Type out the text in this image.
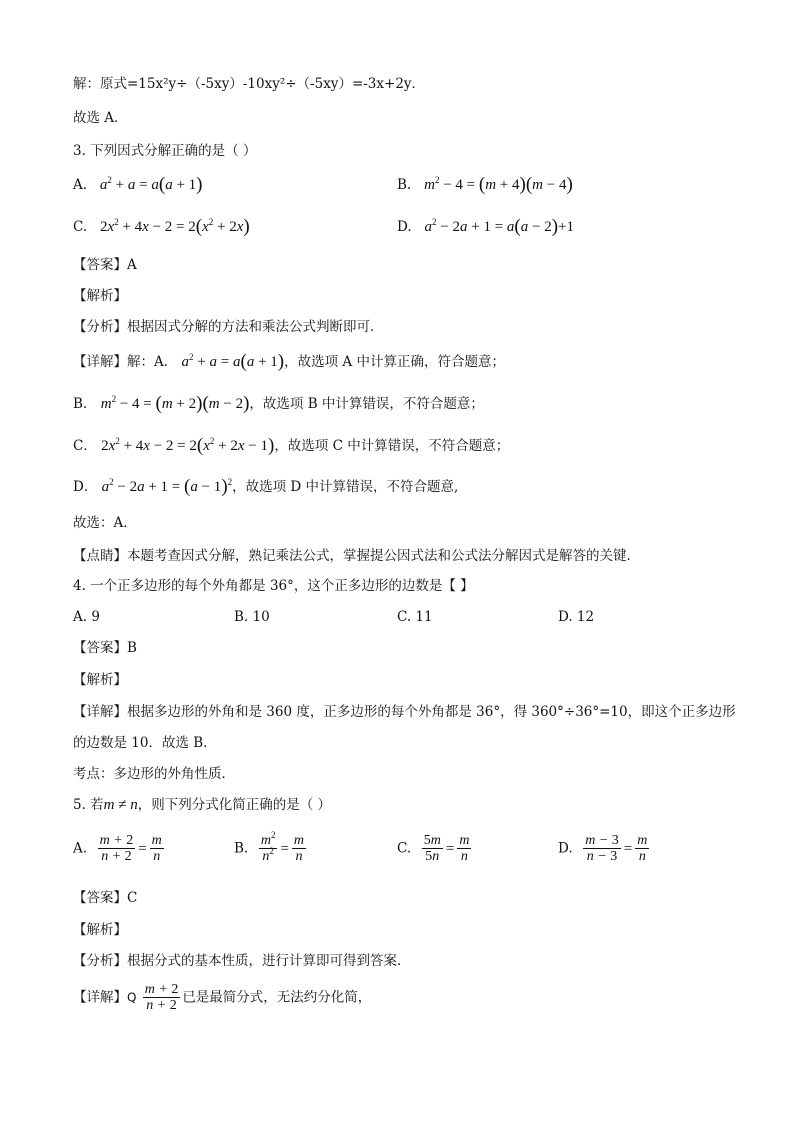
解：原式=15x²y÷（-5xy）-10xy²÷（-5xy）=-3x+2y．
故选 A．
3. 下列因式分解正确的是（ ）
A. $a^2 + a = a(a + 1)$	B. $m^2 - 4 = (m + 4)(m - 4)$
C. $2x^2 + 4x - 2 = 2(x^2 + 2x)$	D. $a^2 - 2a + 1 = a(a - 2)+1$
【答案】A
【解析】
【分析】根据因式分解的方法和乘法公式判断即可．
【详解】解：A． $a^2 + a = a(a + 1)$，故选项 A 中计算正确，符合题意；
B． $m^2 - 4 = (m + 2)(m - 2)$，故选项 B 中计算错误，不符合题意；
C． $2x^2 + 4x - 2 = 2(x^2 + 2x - 1)$，故选项 C 中计算错误，不符合题意；
D． $a^2 - 2a + 1 = (a - 1)^2$，故选项 D 中计算错误，不符合题意,
故选：A．
【点睛】本题考查因式分解，熟记乘法公式，掌握提公因式法和公式法分解因式是解答的关键．
4. 一个正多边形的每个外角都是 36°，这个正多边形的边数是【 】
A. 9	B. 10	C. 11	D. 12
【答案】B
【解析】
【详解】根据多边形的外角和是 360 度，正多边形的每个外角都是 36°，得 360°÷36°=10，即这个正多边形
的边数是 10．故选 B．
考点：多边形的外角性质．
5. 若m ≠ n，则下列分式化简正确的是（ ）
A. $\frac{m + 2}{n + 2} = \frac{m}{n}$	B. $\frac{m^2}{n^2} = \frac{m}{n}$	C. $\frac{5m}{5n} = \frac{m}{n}$	D. $\frac{m - 3}{n - 3} = \frac{m}{n}$
【答案】C
【解析】
【分析】根据分式的基本性质，进行计算即可得到答案．
【详解】Q $\frac{m + 2}{n + 2}$ 已是最简分式，无法约分化简，
